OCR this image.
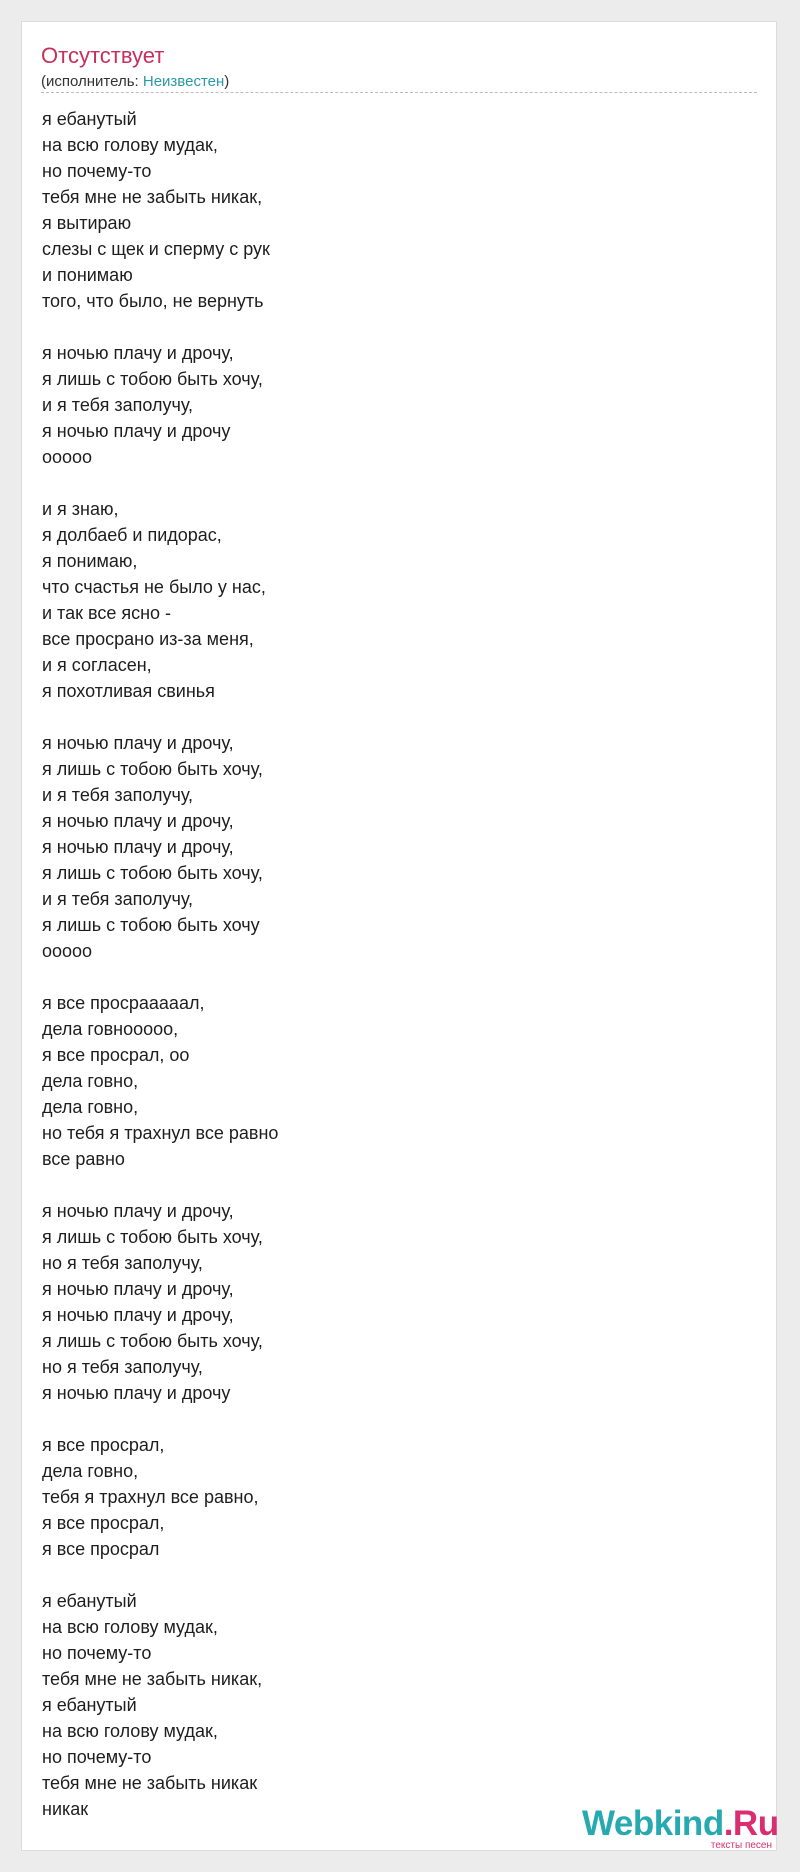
Отсутствует
(исполнитель: Неизвестен)
я ебанутый
на всю голову мудак,
но почему-то
тебя мне не забыть никак,
я вытираю
слезы с щек и сперму с рук
и понимаю
того, что было, не вернуть
я ночью плачу и дрочу,
я лишь с тобою быть хочу,
и я тебя заполучу,
я ночью плачу и дрочу
ооооо
и я знаю,
я долбаеб и пидорас,
я понимаю,
что счастья не было у нас,
и так все ясно -
все просрано из-за меня,
и я согласен,
я похотливая свинья
я ночью плачу и дрочу,
я лишь с тобою быть хочу,
и я тебя заполучу,
я ночью плачу и дрочу,
я ночью плачу и дрочу,
я лишь с тобою быть хочу,
и я тебя заполучу,
я лишь с тобою быть хочу
ооооо
я все просраааaал,
дела говноoooo,
я все просрал, оо
дела говно,
дела говно,
но тебя я трахнул все равно
все равно
я ночью плачу и дрочу,
я лишь с тобою быть хочу,
но я тебя заполучу,
я ночью плачу и дрочу,
я ночью плачу и дрочу,
я лишь с тобою быть хочу,
но я тебя заполучу,
я ночью плачу и дрочу
я все просрал,
дела говно,
тебя я трахнул все равно,
я все просрал,
я все просрал
я ебанутый
на всю голову мудак,
но почему-то
тебя мне не забыть никак,
я ебанутый
на всю голову мудак,
но почему-то
тебя мне не забыть никак
никак	Webkind.Ru
тексты песен
